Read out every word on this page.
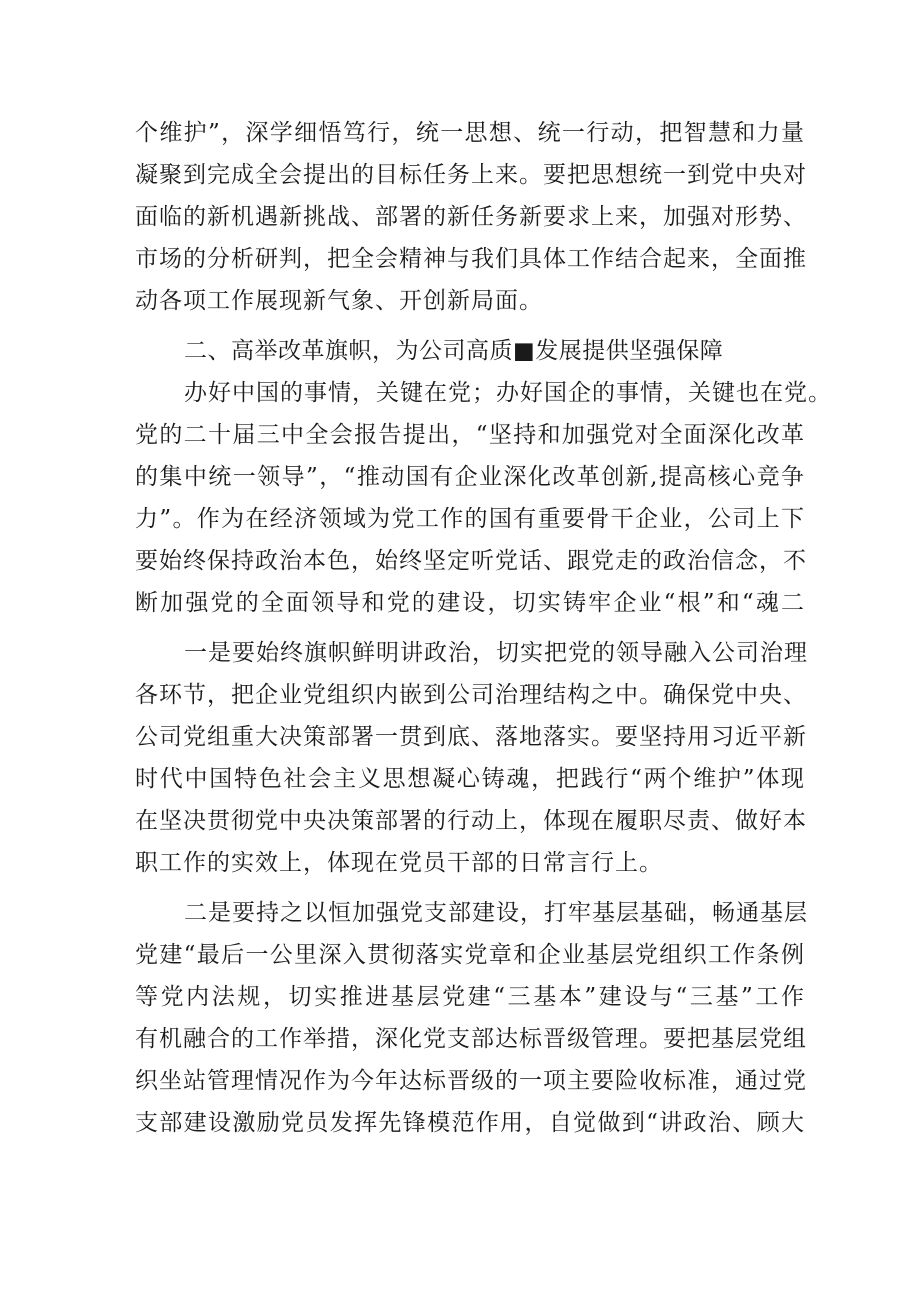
个维护”，深学细悟笃行，统一思想、统一行动，把智慧和力量
凝聚到完成全会提出的目标任务上来。要把思想统一到党中央对
面临的新机遇新挑战、部署的新任务新要求上来，加强对形势、
市场的分析研判，把全会精神与我们具体工作结合起来，全面推
动各项工作展现新气象、开创新局面。
二、高举改革旗帜，为公司高质■发展提供坚强保障
办好中国的事情，关键在党；办好国企的事情，关键也在党。
党的二十届三中全会报告提出，“坚持和加强党对全面深化改革
的集中统一领导”，“推动国有企业深化改革创新,提高核心竞争
力”。作为在经济领域为党工作的国有重要骨干企业，公司上下
要始终保持政治本色，始终坚定听党话、跟党走的政治信念，不
断加强党的全面领导和党的建设，切实铸牢企业“根”和“魂二
一是要始终旗帜鲜明讲政治，切实把党的领导融入公司治理
各环节，把企业党组织内嵌到公司治理结构之中。确保党中央、
公司党组重大决策部署一贯到底、落地落实。要坚持用习近平新
时代中国特色社会主义思想凝心铸魂，把践行“两个维护”体现
在坚决贯彻党中央决策部署的行动上，体现在履职尽责、做好本
职工作的实效上，体现在党员干部的日常言行上。
二是要持之以恒加强党支部建设，打牢基层基础，畅通基层
党建“最后一公里深入贯彻落实党章和企业基层党组织工作条例
等党内法规，切实推进基层党建“三基本”建设与“三基”工作
有机融合的工作举措，深化党支部达标晋级管理。要把基层党组
织坐站管理情况作为今年达标晋级的一项主要险收标准，通过党
支部建设激励党员发挥先锋模范作用，自觉做到“讲政治、顾大
